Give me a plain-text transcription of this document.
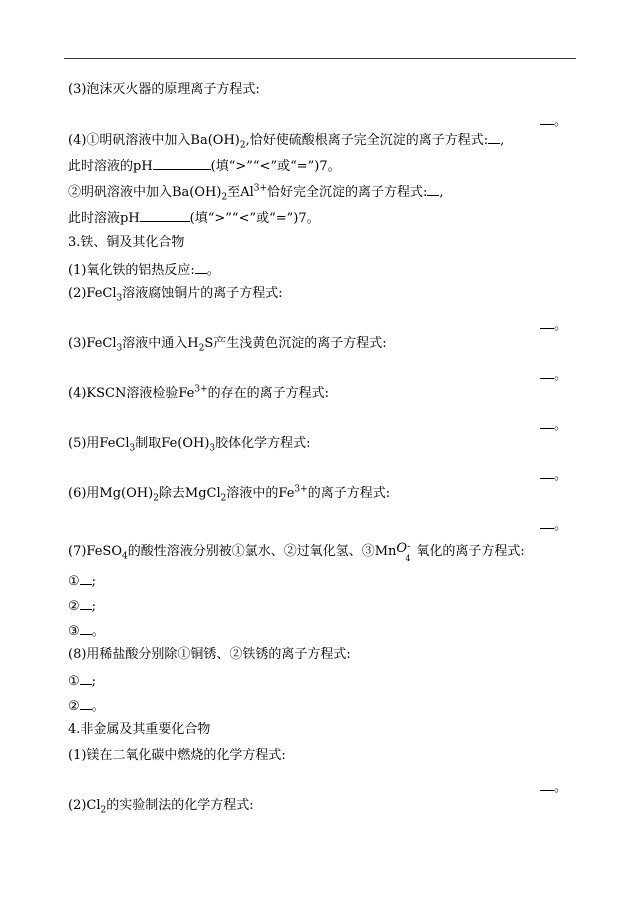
(3)泡沫灭火器的原理离子方程式:
。
(4)①明矾溶液中加入$Ba(OH)_2$,恰好使硫酸根离子完全沉淀的离子方程式: ,
此时溶液的pH	(填“>”“<”或“=”)7。
②明矾溶液中加入$Ba(OH)_2$至$Al^{3+}$恰好完全沉淀的离子方程式: ,
此时溶液pH	(填“>”“<”或“=”)7。
3.铁、铜及其化合物
(1)氧化铁的铝热反应: 。
(2)FeCl$_3$溶液腐蚀铜片的离子方程式:
。
(3)FeCl$_3$溶液中通入$H_2S$产生浅黄色沉淀的离子方程式:
。
(4)KSCN溶液检验$Fe^{3+}$的存在的离子方程式:
。
(5)用FeCl$_3$制取$Fe(OH)_3$胶体化学方程式:
。
(6)用$Mg(OH)_2$除去MgCl$_2$溶液中的$Fe^{3+}$的离子方程式:
。
(7)FeSO$_4$的酸性溶液分别被①氯水、②过氧化氢、③Mn O -
4 氧化的离子方程式:
① ;
② ;
③ 。
(8)用稀盐酸分别除①铜锈、②铁锈的离子方程式:
① ;
② 。
4.非金属及其重要化合物
(1)镁在二氧化碳中燃烧的化学方程式:
。
$(2)Cl_2$的实验制法的化学方程式:
